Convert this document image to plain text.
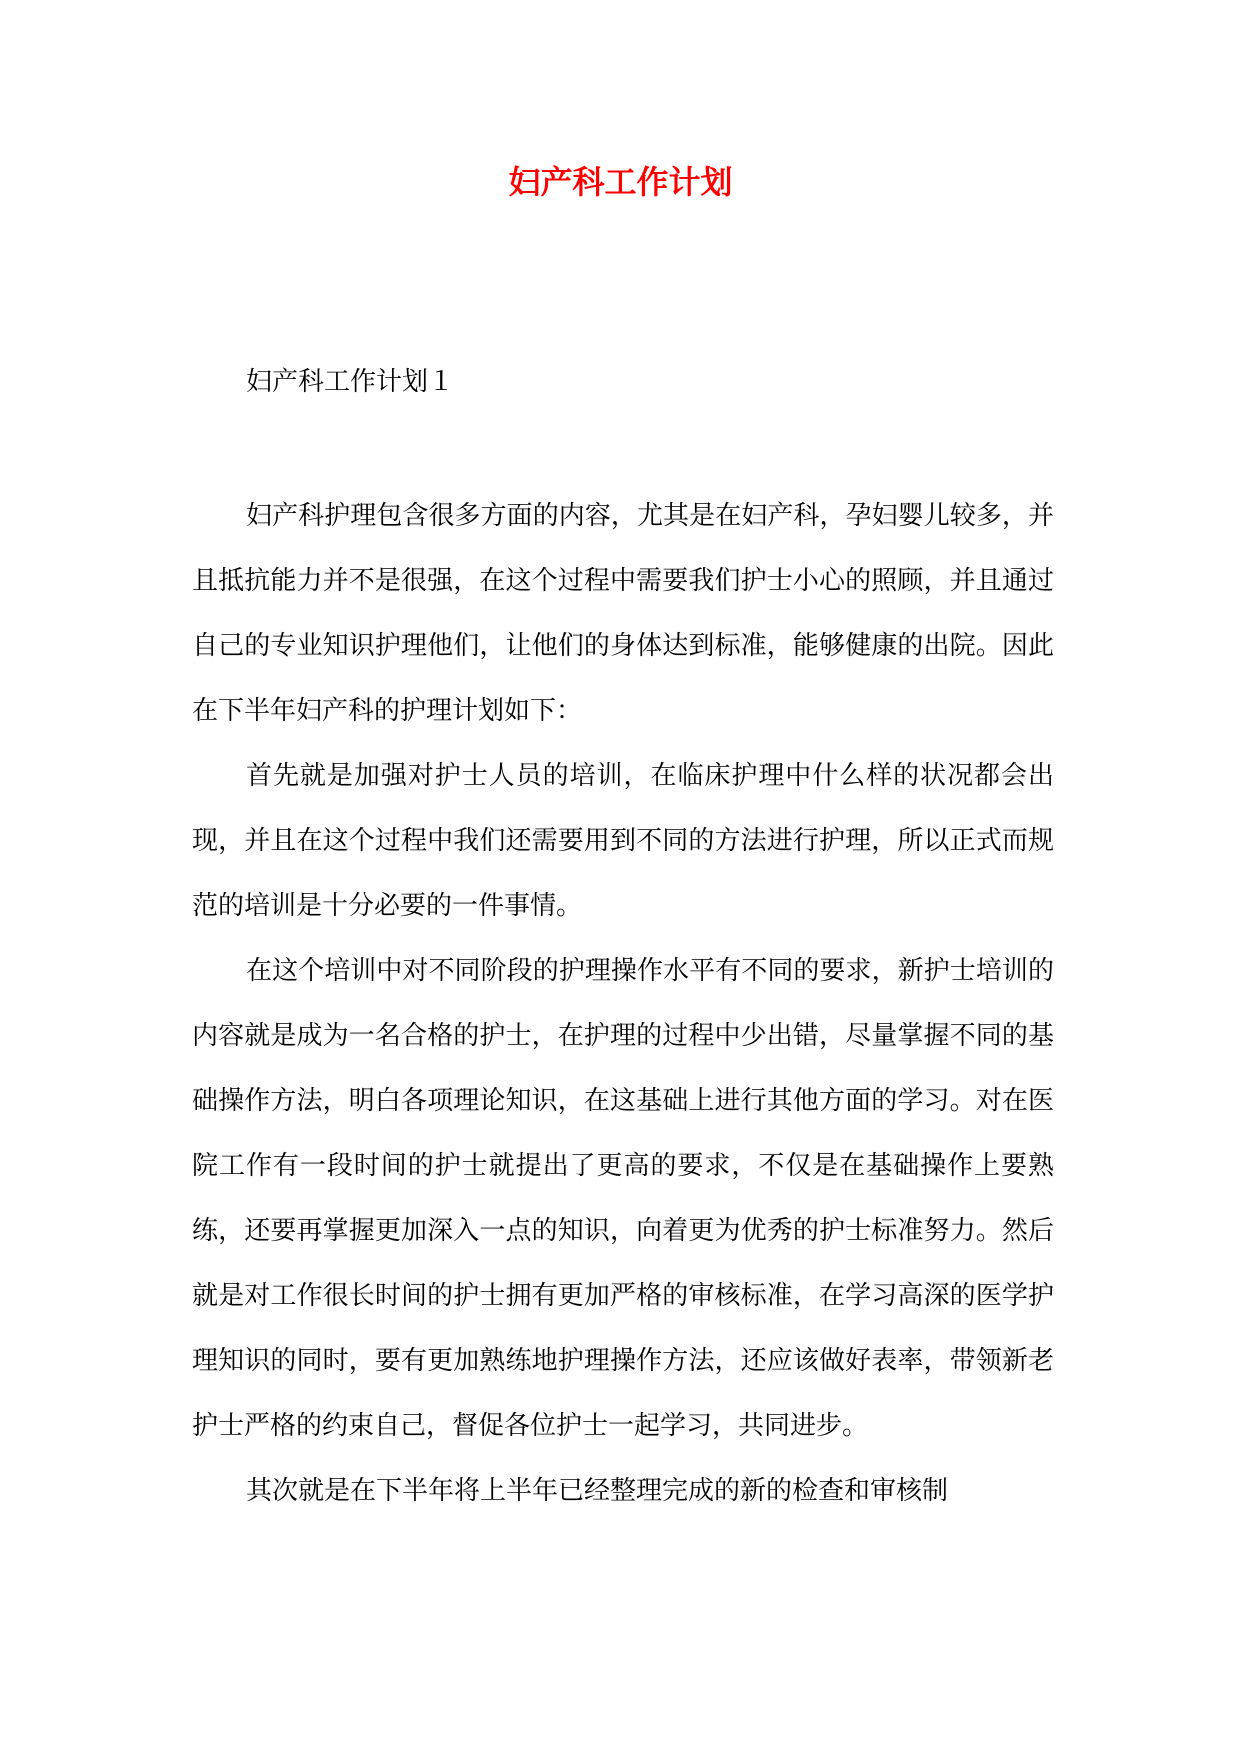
妇产科工作计划
妇产科工作计划１

妇产科护理包含很多方面的内容，尤其是在妇产科，孕妇婴儿较多，并且抵抗能力并不是很强，在这个过程中需要我们护士小心的照顾，并且通过自己的专业知识护理他们，让他们的身体达到标准，能够健康的出院。因此在下半年妇产科的护理计划如下：

首先就是加强对护士人员的培训，在临床护理中什么样的状况都会出现，并且在这个过程中我们还需要用到不同的方法进行护理，所以正式而规范的培训是十分必要的一件事情。

在这个培训中对不同阶段的护理操作水平有不同的要求，新护士培训的内容就是成为一名合格的护士，在护理的过程中少出错，尽量掌握不同的基础操作方法，明白各项理论知识，在这基础上进行其他方面的学习。对在医院工作有一段时间的护士就提出了更高的要求，不仅是在基础操作上要熟练，还要再掌握更加深入一点的知识，向着更为优秀的护士标准努力。然后就是对工作很长时间的护士拥有更加严格的审核标准，在学习高深的医学护理知识的同时，要有更加熟练地护理操作方法，还应该做好表率，带领新老护士严格的约束自己，督促各位护士一起学习，共同进步。

其次就是在下半年将上半年已经整理完成的新的检查和审核制
